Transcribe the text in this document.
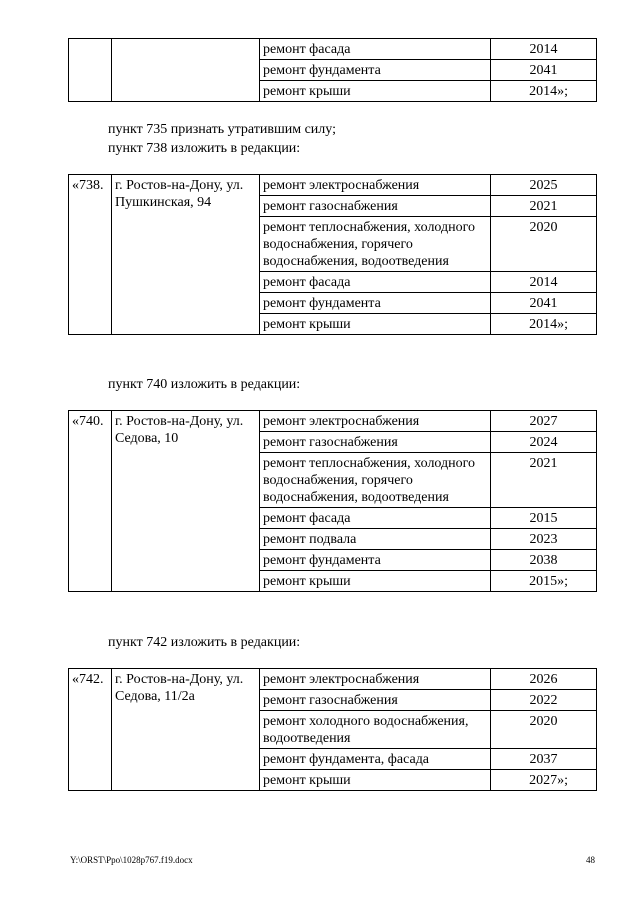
		ремонт фасада	2014
		ремонт фундамента	2041
		ремонт крыши	2014»;

пункт 735 признать утратившим силу;

пункт 738 изложить в редакции:

«738.	г. Ростов-на-Дону, ул. Пушкинская, 94	ремонт электроснабжения	2025
		ремонт газоснабжения	2021
		ремонт теплоснабжения, холодного водоснабжения, горячего водоснабжения, водоотведения	2020
		ремонт фасада	2014
		ремонт фундамента	2041
		ремонт крыши	2014»;

пункт 740 изложить в редакции:

«740.	г. Ростов-на-Дону, ул. Седова, 10	ремонт электроснабжения	2027
		ремонт газоснабжения	2024
		ремонт теплоснабжения, холодного водоснабжения, горячего водоснабжения, водоотведения	2021
		ремонт фасада	2015
		ремонт подвала	2023
		ремонт фундамента	2038
		ремонт крыши	2015»;

пункт 742 изложить в редакции:

«742.	г. Ростов-на-Дону, ул. Седова, 11/2а	ремонт электроснабжения	2026
		ремонт газоснабжения	2022
		ремонт холодного водоснабжения, водоотведения	2020
		ремонт фундамента, фасада	2037
		ремонт крыши	2027»;
Y:\ORST\Ppo\1028p767.f19.docx	48
